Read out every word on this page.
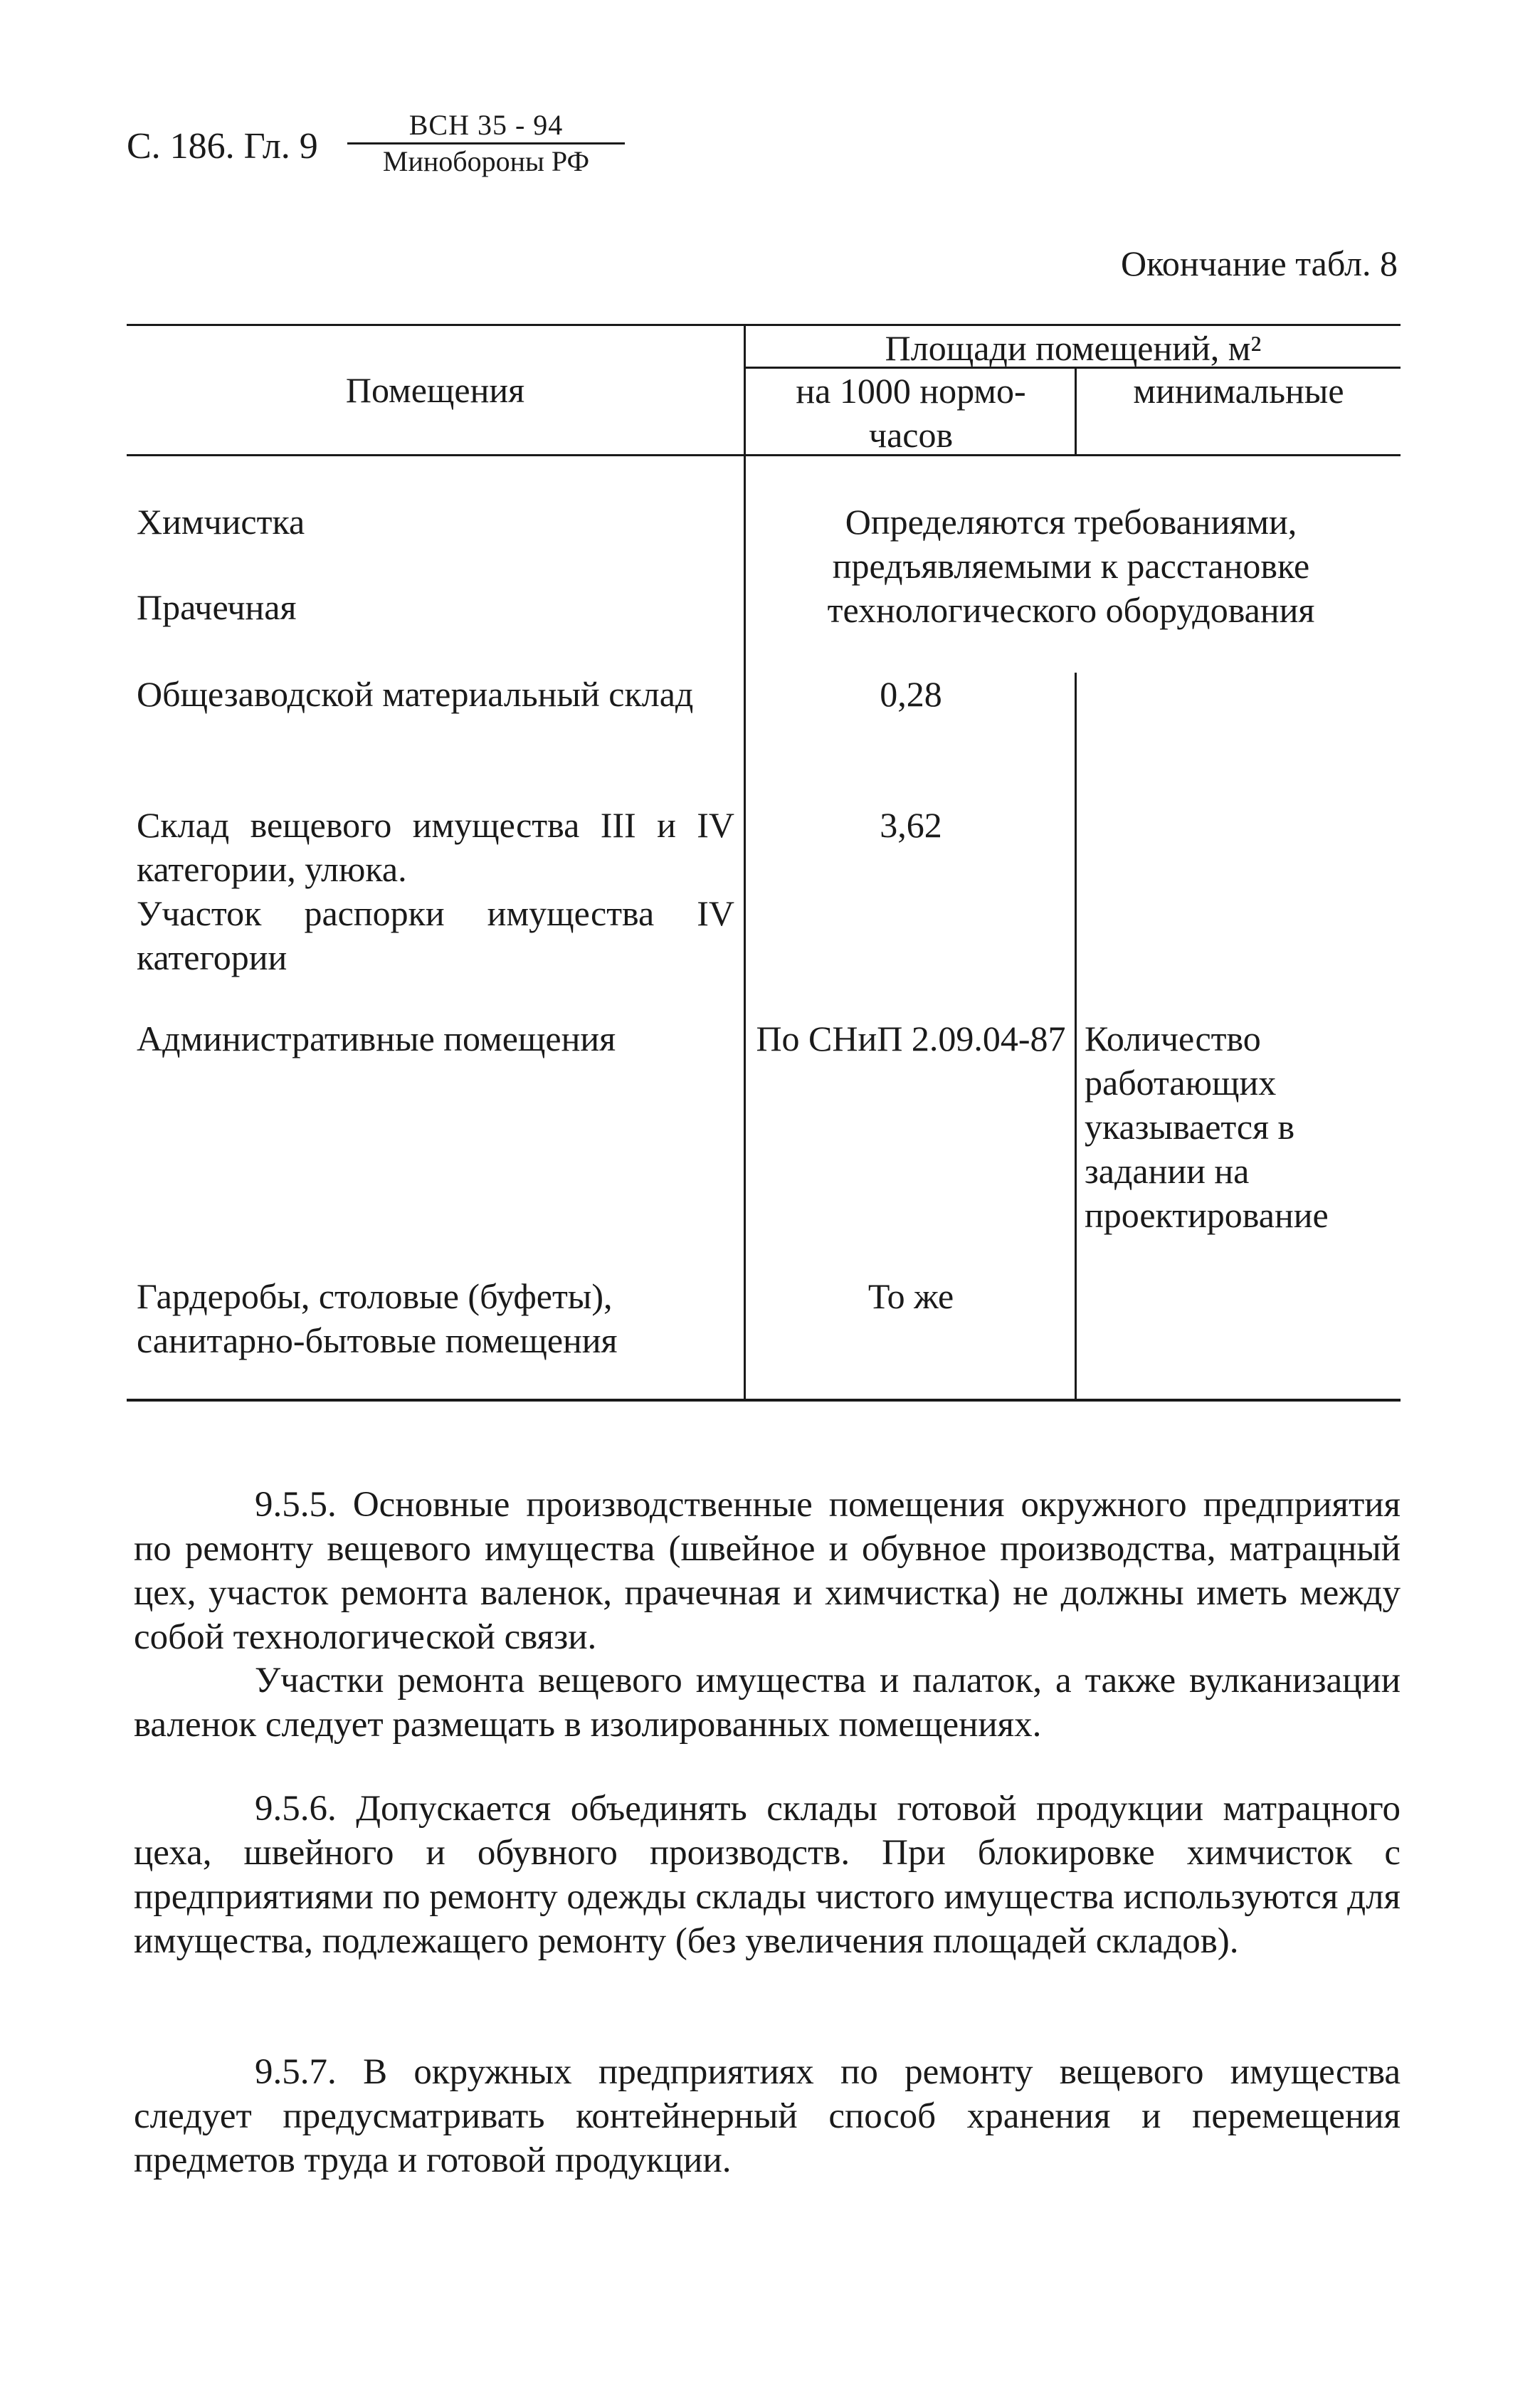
С. 186. Гл. 9
ВСН 35 - 94
Минобороны РФ
Окончание табл. 8
Помещения
Площади помещений, м²
на 1000 нормо-часов
минимальные
Химчистка
Прачечная
Общезаводской материальный склад
Склад вещевого имущества III и IV категории, улюка.
Участок распорки имущества IV категории
Административные помещения
Гардеробы, столовые (буфеты), санитарно-бытовые помещения
Определяются требованиями, предъявляемыми к расстановке технологического оборудования
0,28
3,62
По СНиП 2.09.04-87
То же
Количество работающих указывается в задании на проектирование
9.5.5. Основные производственные помещения окружного предприятия по ремонту вещевого имущества (швейное и обувное производства, матрацный цех, участок ремонта валенок, прачечная и химчистка) не должны иметь между собой технологической связи.
Участки ремонта вещевого имущества и палаток, а также вулканизации валенок следует размещать в изолированных помещениях.
9.5.6. Допускается объединять склады готовой продукции матрацного цеха, швейного и обувного производств. При блокировке химчисток с предприятиями по ремонту одежды склады чистого имущества используются для имущества, подлежащего ремонту (без увеличения площадей складов).
9.5.7. В окружных предприятиях по ремонту вещевого имущества следует предусматривать контейнерный способ хранения и перемещения предметов труда и готовой продукции.
